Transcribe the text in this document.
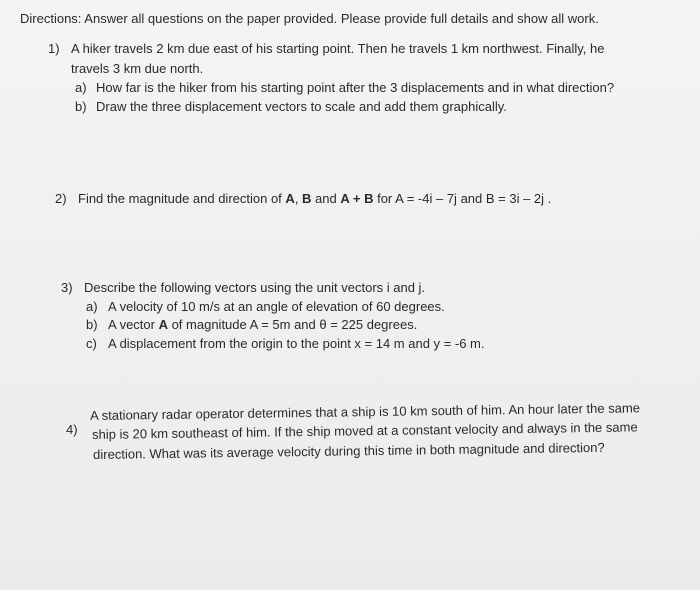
Directions: Answer all questions on the paper provided. Please provide full details and show all work.
1) A hiker travels 2 km due east of his starting point. Then he travels 1 km northwest. Finally, he
travels 3 km due north.
a) How far is the hiker from his starting point after the 3 displacements and in what direction?
b) Draw the three displacement vectors to scale and add them graphically.
2) Find the magnitude and direction of A, B and A + B for A = -4i – 7j and B = 3i – 2j .
3) Describe the following vectors using the unit vectors i and j.
a) A velocity of 10 m/s at an angle of elevation of 60 degrees.
b) A vector A of magnitude A = 5m and θ = 225 degrees.
c) A displacement from the origin to the point x = 14 m and y = -6 m.
4)
A stationary radar operator determines that a ship is 10 km south of him. An hour later the same
ship is 20 km southeast of him. If the ship moved at a constant velocity and always in the same
direction. What was its average velocity during this time in both magnitude and direction?
